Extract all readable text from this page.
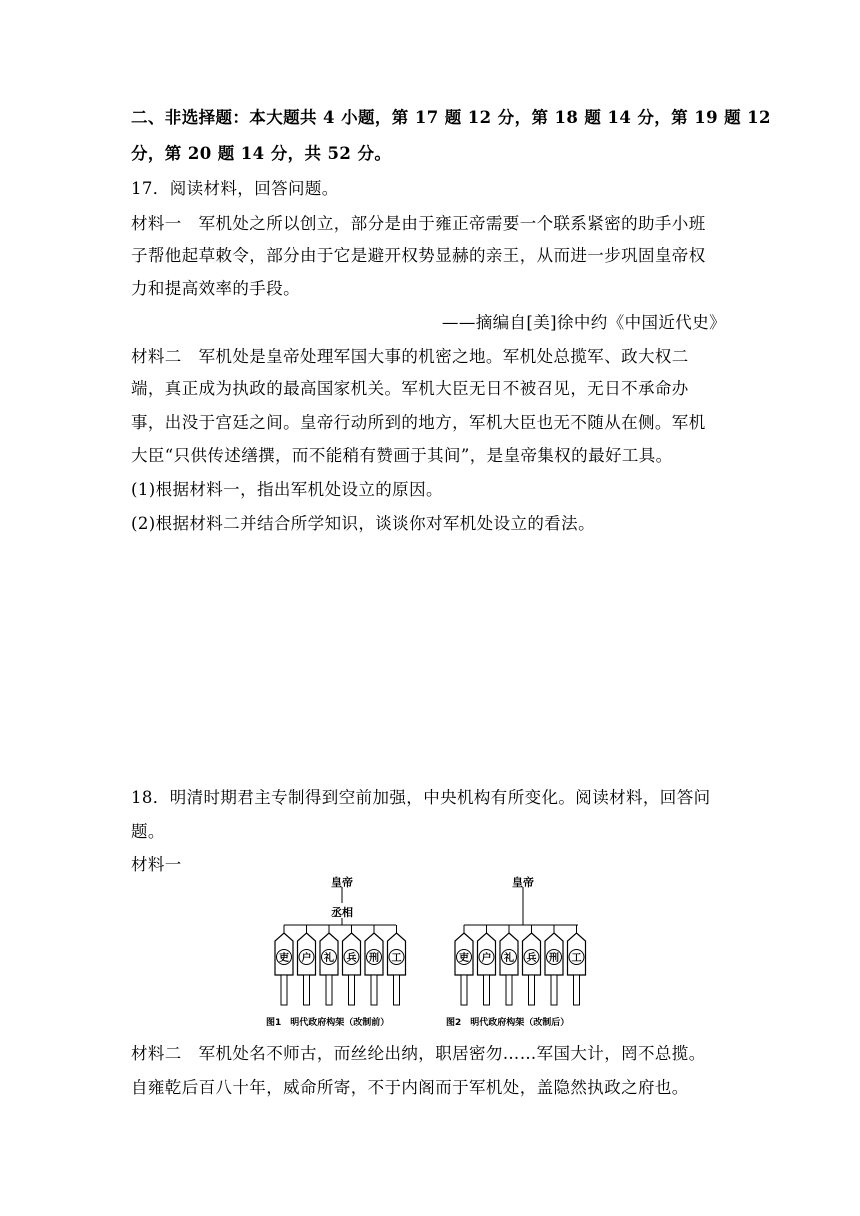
二、非选择题：本大题共 4 小题，第 17 题 12 分，第 18 题 14 分，第 19 题 12
分，第 20 题 14 分，共 52 分。
17．阅读材料，回答问题。
材料一　军机处之所以创立，部分是由于雍正帝需要一个联系紧密的助手小班
子帮他起草敕令，部分由于它是避开权势显赫的亲王，从而进一步巩固皇帝权
力和提高效率的手段。
——摘编自[美]徐中约《中国近代史》
材料二　军机处是皇帝处理军国大事的机密之地。军机处总揽军、政大权二
端，真正成为执政的最高国家机关。军机大臣无日不被召见，无日不承命办
事，出没于宫廷之间。皇帝行动所到的地方，军机大臣也无不随从在侧。军机
大臣“只供传述缮撰，而不能稍有赞画于其间”，是皇帝集权的最好工具。
(1)根据材料一，指出军机处设立的原因。
(2)根据材料二并结合所学知识，谈谈你对军机处设立的看法。
18．明清时期君主专制得到空前加强，中央机构有所变化。阅读材料，回答问
题。
材料一
皇帝
丞相
皇帝
吏 户 礼 兵 刑 工	吏 户 礼 兵 刑 工
图1　明代政府构架（改制前）	图2　明代政府构架（改制后）
材料二　军机处名不师古，而丝纶出纳，职居密勿……军国大计，罔不总揽。
自雍乾后百八十年，威命所寄，不于内阁而于军机处，盖隐然执政之府也。
